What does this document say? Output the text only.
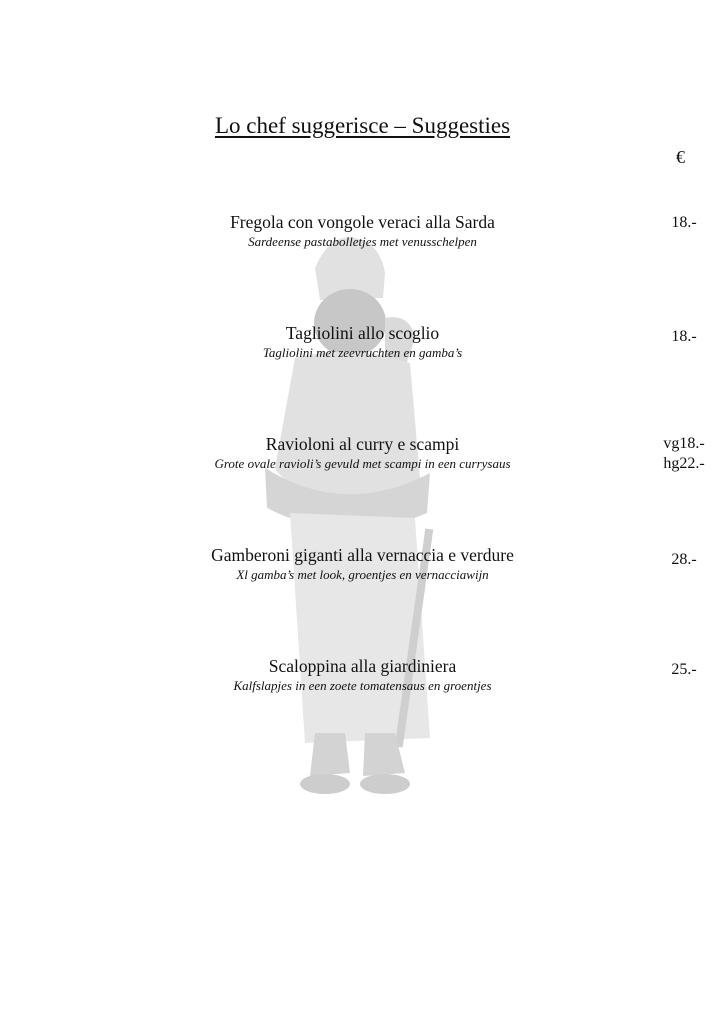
Lo chef suggerisce – Suggesties
€
Fregola con vongole veraci alla Sarda
Sardeense pastabolletjes met venusschelpen
18.-
Tagliolini allo scoglio
Tagliolini met zeevruchten en gamba’s
18.-
Ravioloni al curry e scampi
Grote ovale ravioli’s gevuld met scampi in een currysaus
vg18.-
hg22.-
Gamberoni giganti alla vernaccia e verdure
Xl gamba’s met look, groentjes en vernacciawijn
28.-
Scaloppina alla giardiniera
Kalfslapjes in een zoete tomatensaus en groentjes
25.-
